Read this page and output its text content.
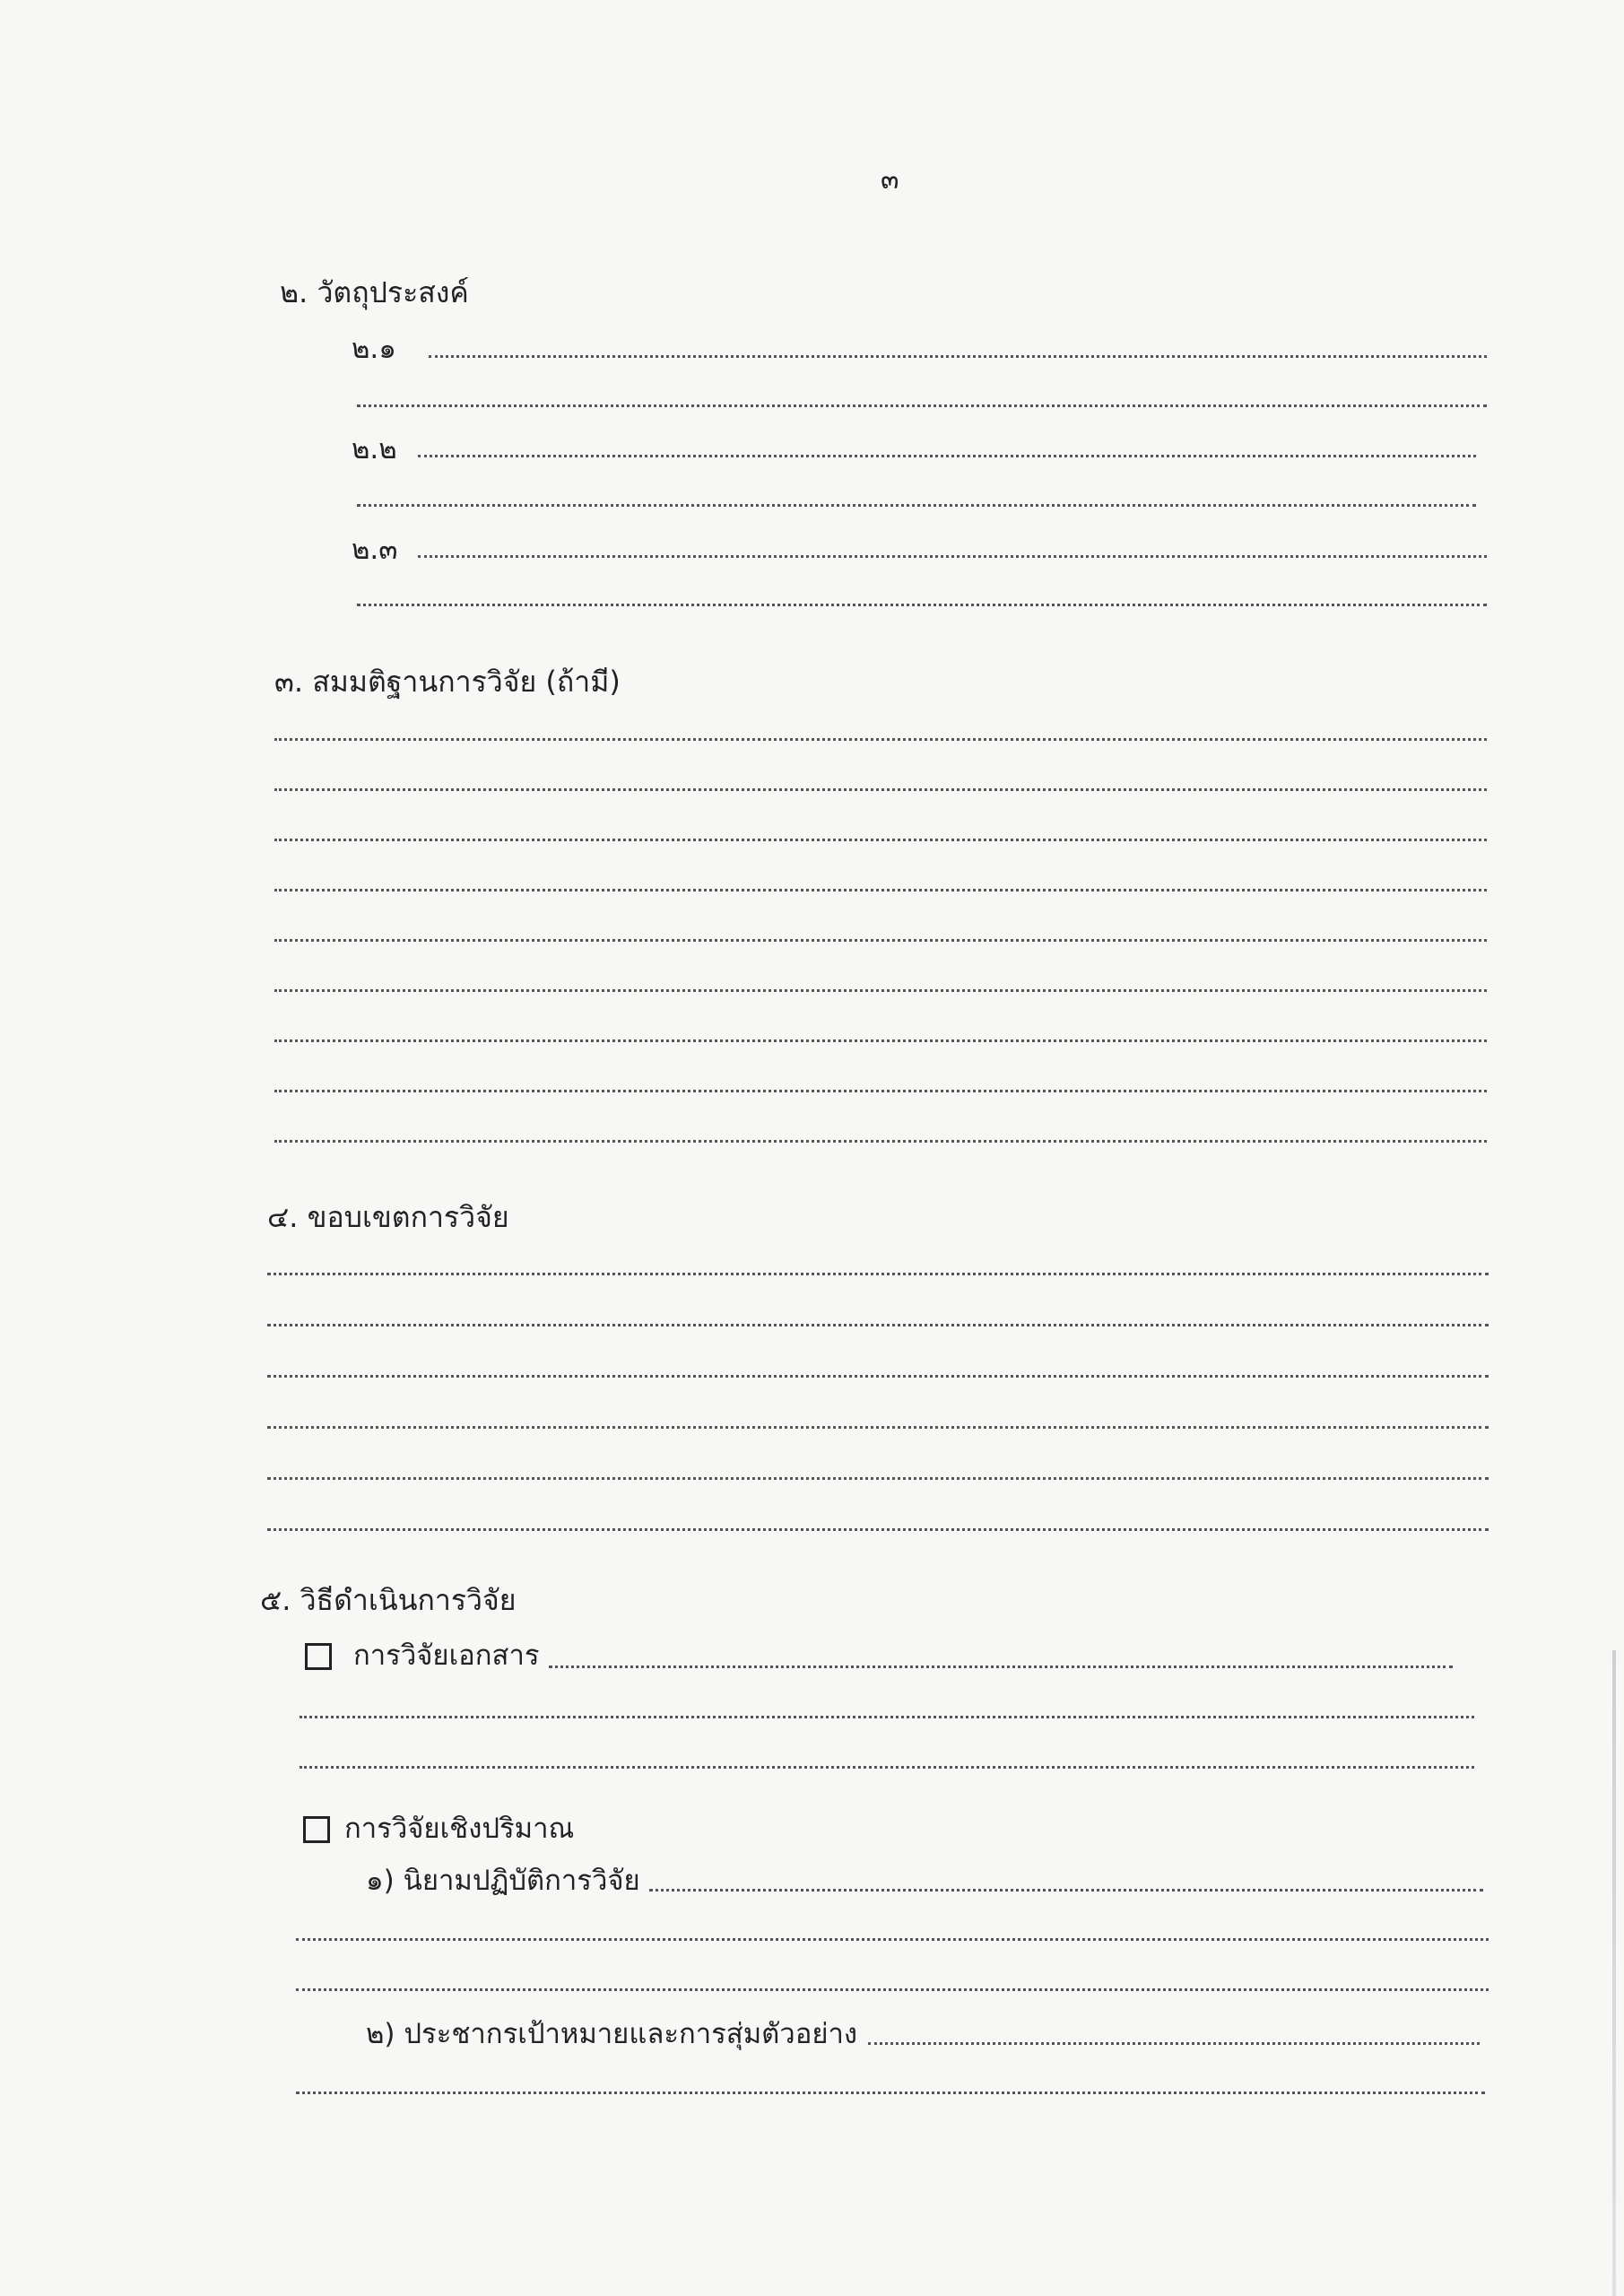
๓
๒. วัตถุประสงค์
๒.๑
๒.๒
๒.๓
๓. สมมติฐานการวิจัย (ถ้ามี)
๔. ขอบเขตการวิจัย
๕. วิธีดำเนินการวิจัย
การวิจัยเอกสาร
การวิจัยเชิงปริมาณ
๑) นิยามปฏิบัติการวิจัย
๒) ประชากรเป้าหมายและการสุ่มตัวอย่าง
